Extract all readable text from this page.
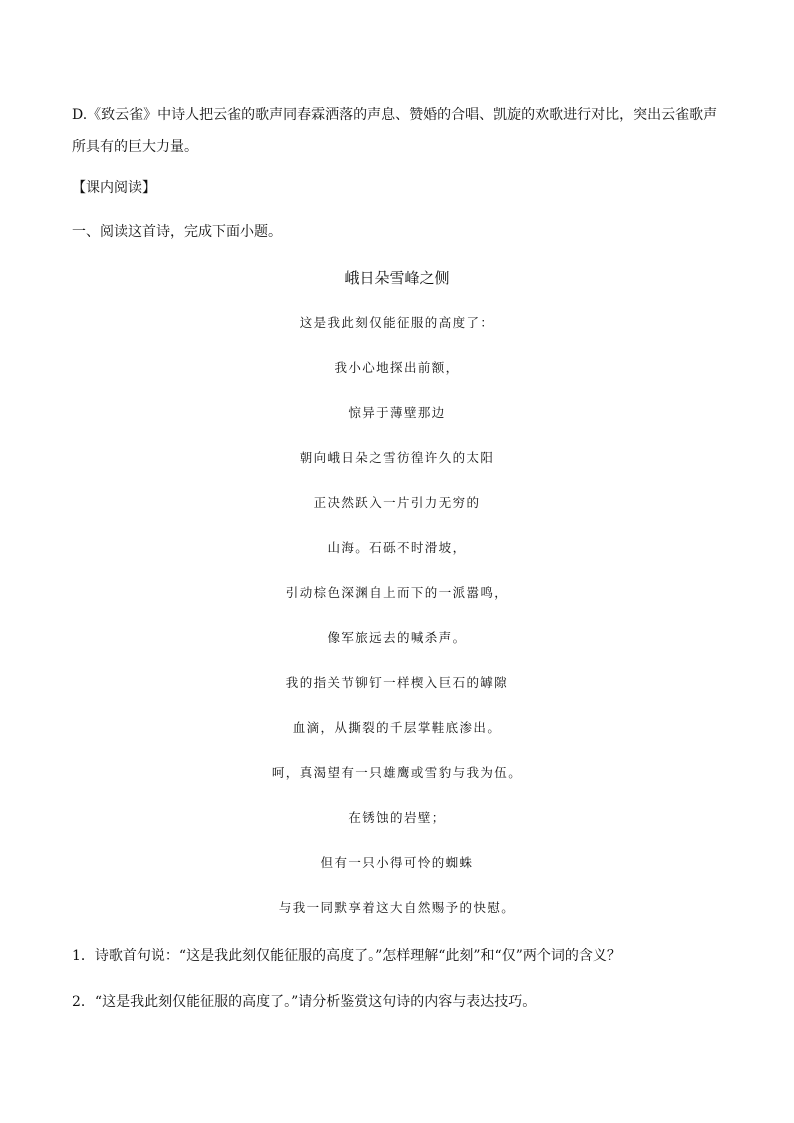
D.《致云雀》中诗人把云雀的歌声同春霖洒落的声息、赞婚的合唱、凯旋的欢歌进行对比，突出云雀歌声所具有的巨大力量。
【课内阅读】
一、阅读这首诗，完成下面小题。
峨日朵雪峰之侧
这是我此刻仅能征服的高度了：
我小心地探出前额，
惊异于薄壁那边
朝向峨日朵之雪彷徨许久的太阳
正决然跃入一片引力无穷的
山海。石砾不时滑坡，
引动棕色深渊自上而下的一派嚣鸣，
像军旅远去的喊杀声。
我的指关节铆钉一样楔入巨石的罅隙
血滴，从撕裂的千层掌鞋底渗出。
呵，真渴望有一只雄鹰或雪豹与我为伍。
在锈蚀的岩壁；
但有一只小得可怜的蜘蛛
与我一同默享着这大自然赐予的快慰。
1．诗歌首句说：“这是我此刻仅能征服的高度了。”怎样理解“此刻”和“仅”两个词的含义？
2．“这是我此刻仅能征服的高度了。”请分析鉴赏这句诗的内容与表达技巧。
